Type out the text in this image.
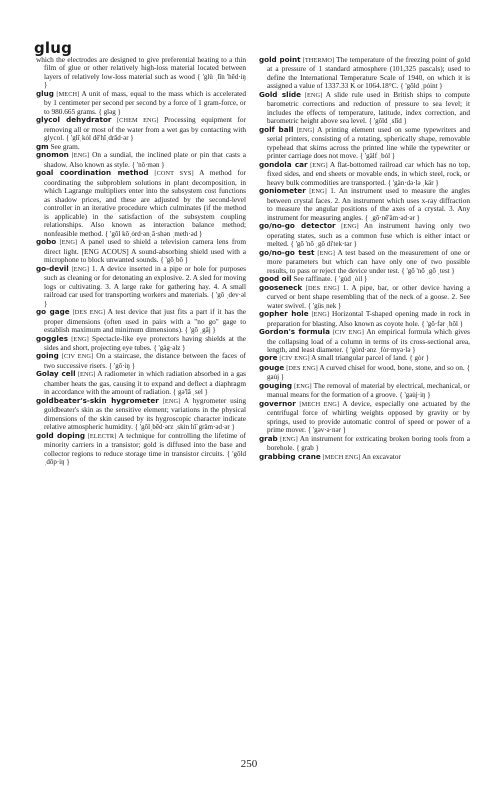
glug

which the electrodes are designed to give preferential heating to a thin film of glue or other relatively high-loss material located between layers of relatively low-loss material such as wood { 'glü ˌlīn 'hēd·iŋ }

glug [MECH] A unit of mass, equal to the mass which is accelerated by 1 centimeter per second per second by a force of 1 gram-force, or to 980.665 grams. { gləg }

glycol dehydrator [CHEM ENG] Processing equipment for removing all or most of the water from a wet gas by contacting with glycol. { 'glīˌkȯl dē'hīˌdrād·ər }

gm See gram.

gnomon [ENG] On a sundial, the inclined plate or pin that casts a shadow. Also known as style. { 'nō·mən }

goal coordination method [CONT SYS] A method for coordinating the subproblem solutions in plant decomposition, in which Lagrange multipliers enter into the subsystem cost functions as shadow prices, and these are adjusted by the second-level controller in an iterative procedure which culminates (if the method is applicable) in the satisfaction of the subsystem coupling relationships. Also known as interaction balance method; nonfeasible method. { 'gōl kōˌȯrd·ənˌā·shən ˌmeth·əd }

gobo [ENG] A panel used to shield a television camera lens from direct light. [ENG ACOUS] A sound-absorbing shield used with a microphone to block unwanted sounds. { 'gōˌbō }

go-devil [ENG] 1. A device inserted in a pipe or hole for purposes such as cleaning or for detonating an explosive. 2. A sled for moving logs or cultivating. 3. A large rake for gathering hay. 4. A small railroad car used for transporting workers and materials. { 'gō ˌdev·əl }

go gage [DES ENG] A test device that just fits a part if it has the proper dimensions (often used in pairs with a "no go" gage to establish maximum and minimum dimensions). { 'gō ˌgāj }

goggles [ENG] Spectacle-like eye protectors having shields at the sides and short, projecting eye tubes. { 'gäg·əlz }

going [CIV ENG] On a staircase, the distance between the faces of two successive risers. { 'gō·iŋ }

Golay cell [ENG] A radiometer in which radiation absorbed in a gas chamber heats the gas, causing it to expand and deflect a diaphragm in accordance with the amount of radiation. { gə'lā ˌsel }

goldbeater's-skin hygrometer [ENG] A hygrometer using goldbeater's skin as the sensitive element; variations in the physical dimensions of the skin caused by its hygroscopic character indicate relative atmospheric humidity. { 'gōlˌbēd·ərz ˌskin hīˈgräm·əd·ər }

gold doping [ELECTR] A technique for controlling the lifetime of minority carriers in a transistor; gold is diffused into the base and collector regions to reduce storage time in transistor circuits. { 'gōld ˌdōp·iŋ }

gold point [THERMO] The temperature of the freezing point of gold at a pressure of 1 standard atmosphere (101,325 pascals); used to define the International Temperature Scale of 1940, on which it is assigned a value of 1337.33 K or 1064.18°C. { 'gōld ˌpȯint }

Gold slide [ENG] A slide rule used in British ships to compute barometric corrections and reduction of pressure to sea level; it includes the effects of temperature, latitude, index correction, and barometric height above sea level. { 'gōld ˌslīd }

golf ball [ENG] A printing element used on some typewriters and serial printers, consisting of a rotating, spherically shape, removable typehead that skims across the printed line while the typewriter or printer carriage does not move. { 'gälf ˌbȯl }

gondola car [ENG] A flat-bottomed railroad car which has no top, fixed sides, and end sheets or movable ends, in which steel, rock, or heavy bulk commodities are transported. { 'gän·də·lə ˌkär }

goniometer [ENG] 1. An instrument used to measure the angles between crystal faces. 2. An instrument which uses x-ray diffraction to measure the angular positions of the axes of a crystal. 3. Any instrument for measuring angles. { ˌgō·nē'äm·əd·ər }

go/no-go detector [ENG] An instrument having only two operating states, such as a common fuse which is either intact or melted. { 'gō 'nō ˌgō di'tek·tər }

go/no-go test [ENG] A test based on the measurement of one or more parameters but which can have only one of two possible results, to pass or reject the device under test. { 'gō 'nō ˌgō ˌtest }

good oil See raffinate. { 'gu̇d ˌȯil }

gooseneck [DES ENG] 1. A pipe, bar, or other device having a curved or bent shape resembling that of the neck of a goose. 2. See water swivel. { 'güsˌnek }

gopher hole [ENG] Horizontal T-shaped opening made in rock in preparation for blasting. Also known as coyote hole. { 'gō·fər ˌhōl }

Gordon's formula [CIV ENG] An empirical formula which gives the collapsing load of a column in terms of its cross-sectional area, length, and least diameter. { 'gȯrd·ənz ˌfȯr·myə·lə }

gore [CIV ENG] A small triangular parcel of land. { gȯr }

gouge [DES ENG] A curved chisel for wood, bone, stone, and so on. { gau̇j }

gouging [ENG] The removal of material by electrical, mechanical, or manual means for the formation of a groove. { 'gau̇j·iŋ }

governor [MECH ENG] A device, especially one actuated by the centrifugal force of whirling weights opposed by gravity or by springs, used to provide automatic control of speed or power of a prime mover. { 'gəv·ə·nər }

grab [ENG] An instrument for extricating broken boring tools from a borehole. { grab }

grabbing crane [MECH ENG] An excavator

250
